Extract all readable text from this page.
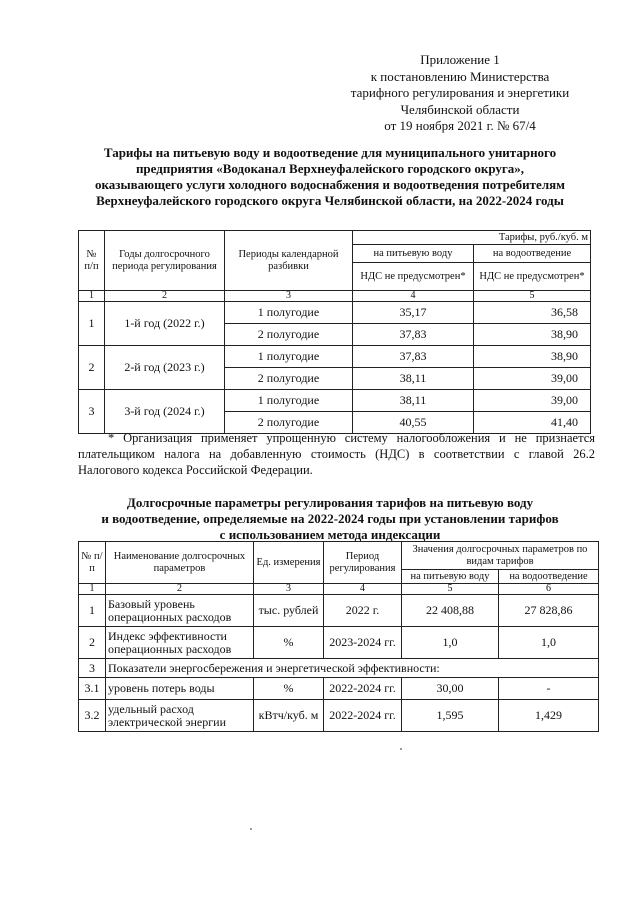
Приложение 1
к постановлению Министерства
тарифного регулирования и энергетики
Челябинской области
от 19 ноября 2021 г. № 67/4
Тарифы на питьевую воду и водоотведение для муниципального унитарного
предприятия «Водоканал Верхнеуфалейского городского округа»,
оказывающего услуги холодного водоснабжения и водоотведения потребителям
Верхнеуфалейского городского округа Челябинской области, на 2022-2024 годы
№ п/п	Годы долгосрочного периода регулирования	Периоды календарной разбивки	Тарифы, руб./куб. м	
			на питьевую воду	на водоотведение
			НДС не предусмотрен*	НДС не предусмотрен*
1	2	3	4	5
1	1-й год (2022 г.)	1 полугодие	35,17	36,58
		2 полугодие	37,83	38,90
2	2-й год (2023 г.)	1 полугодие	37,83	38,90
		2 полугодие	38,11	39,00
3	3-й год (2024 г.)	1 полугодие	38,11	39,00
		2 полугодие	40,55	41,40

* Организация применяет упрощенную систему налогообложения и не признается плательщиком налога на добавленную стоимость (НДС) в соответствии с главой 26.2 Налогового кодекса Российской Федерации.

Долгосрочные параметры регулирования тарифов на питьевую воду
и водоотведение, определяемые на 2022-2024 годы при установлении тарифов
с использованием метода индексации
№ п/п	Наименование долгосрочных параметров	Ед. измерения	Период регулирования	Значения долгосрочных параметров по видам тарифов	
				на питьевую воду	на водоотведение
1	2	3	4	5	6
1	Базовый уровень операционных расходов	тыс. рублей	2022 г.	22 408,88	27 828,86
2	Индекс эффективности операционных расходов	%	2023-2024 гг.	1,0	1,0
3	Показатели энергосбережения и энергетической эффективности:				
3.1	уровень потерь воды	%	2022-2024 гг.	30,00	-
3.2	удельный расход электрической энергии	кВтч/куб. м	2022-2024 гг.	1,595	1,429
